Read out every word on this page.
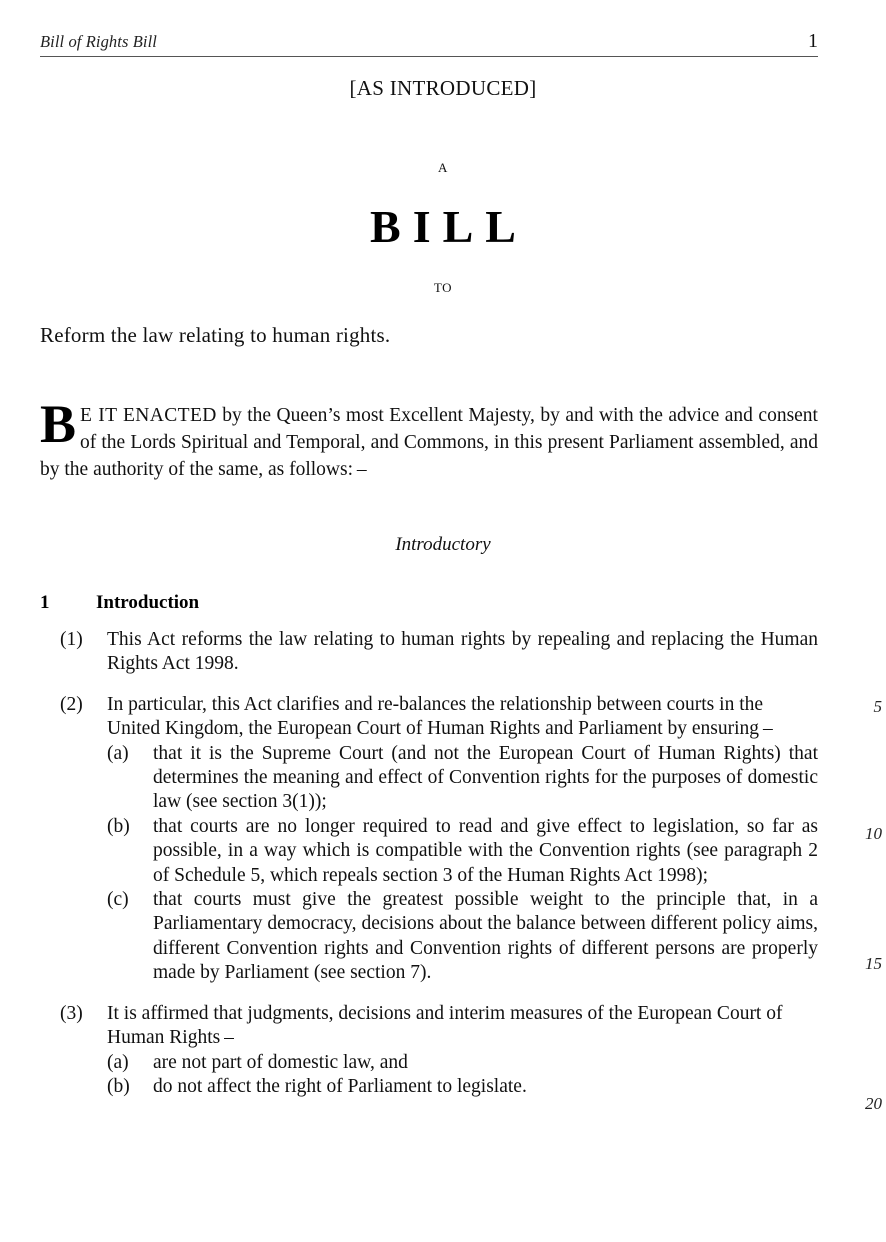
Bill of Rights Bill	1
[AS INTRODUCED]
A
BILL
TO
Reform the law relating to human rights.
B E IT ENACTED by the Queen’s most Excellent Majesty, by and with the advice and consent of the Lords Spiritual and Temporal, and Commons, in this present Parliament assembled, and by the authority of the same, as follows: –
Introductory
1 Introduction
(1)	This Act reforms the law relating to human rights by repealing and replacing the Human Rights Act 1998.
(2)	In particular, this Act clarifies and re-balances the relationship between courts in the United Kingdom, the European Court of Human Rights and Parliament by ensuring –
(a)	that it is the Supreme Court (and not the European Court of Human Rights) that determines the meaning and effect of Convention rights for the purposes of domestic law (see section 3(1));
(b)	that courts are no longer required to read and give effect to legislation, so far as possible, in a way which is compatible with the Convention rights (see paragraph 2 of Schedule 5, which repeals section 3 of the Human Rights Act 1998);
(c)	that courts must give the greatest possible weight to the principle that, in a Parliamentary democracy, decisions about the balance between different policy aims, different Convention rights and Convention rights of different persons are properly made by Parliament (see section 7).
(3)	It is affirmed that judgments, decisions and interim measures of the European Court of Human Rights –
(a)	are not part of domestic law, and
(b)	do not affect the right of Parliament to legislate.
5
10
15
20
